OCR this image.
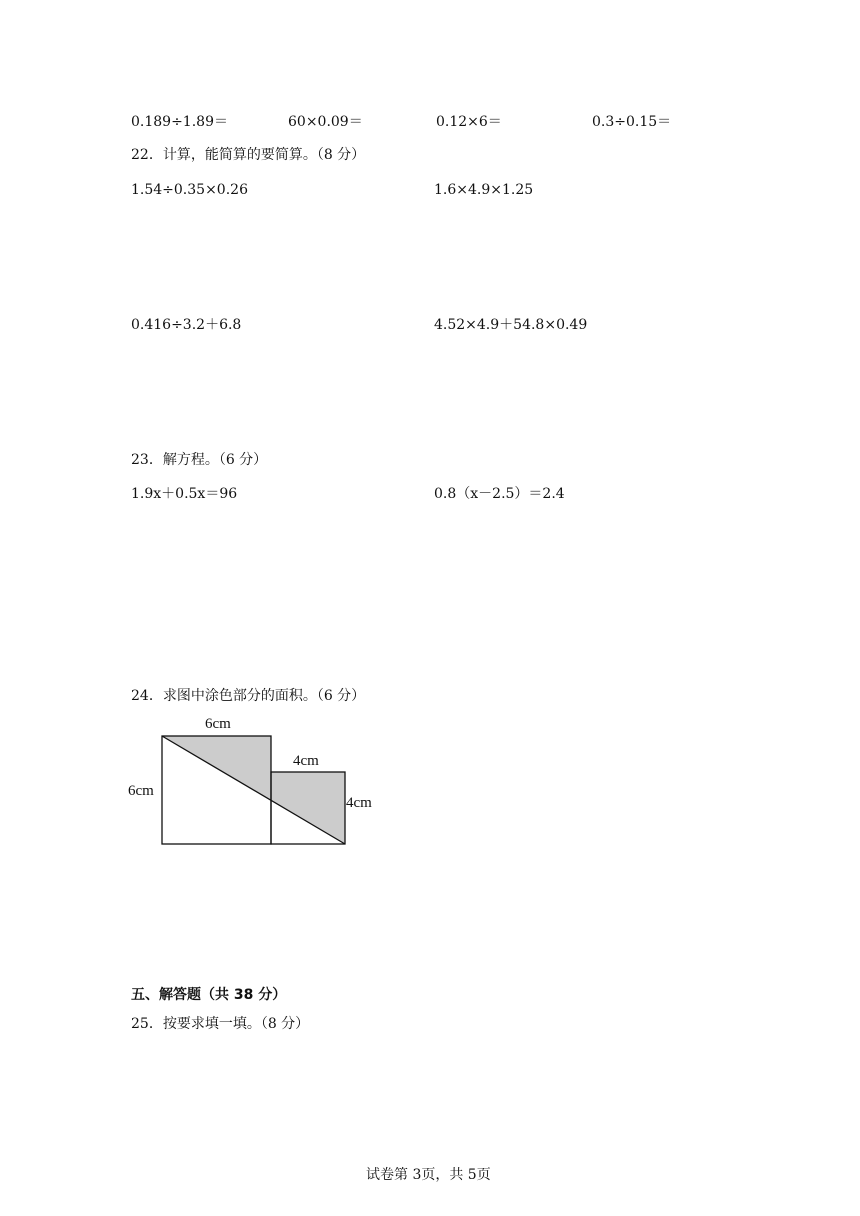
0.189÷1.89＝	60×0.09＝	0.12×6＝	0.3÷0.15＝
22．计算，能简算的要简算。（8 分）
1.54÷0.35×0.26	1.6×4.9×1.25
0.416÷3.2＋6.8	4.52×4.9＋54.8×0.49
23．解方程。（6 分）
1.9x＋0.5x＝96	0.8（x－2.5）＝2.4
24．求图中涂色部分的面积。（6 分）
6cm
6cm
4cm
4cm
五、解答题（共 38 分）
25．按要求填一填。（8 分）
试卷第 3页，共 5页
